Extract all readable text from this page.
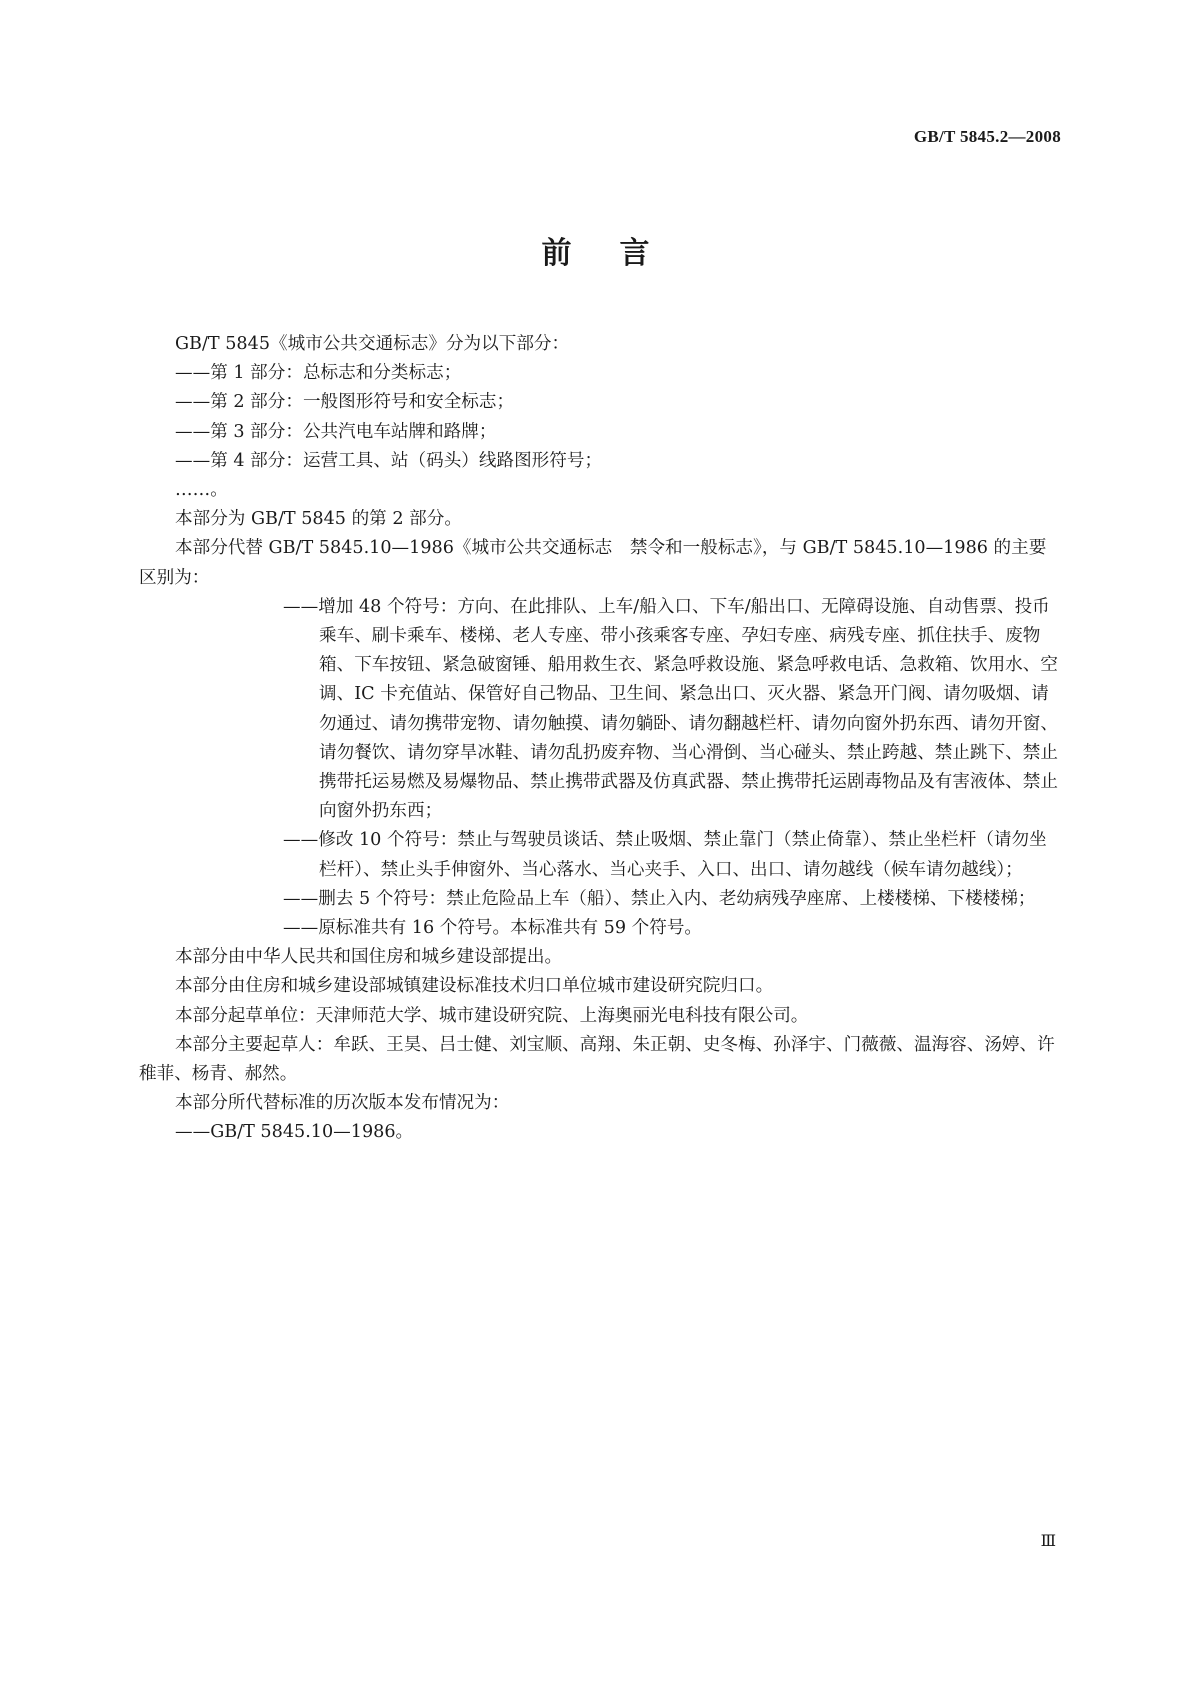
GB/T 5845.2—2008
前言

GB/T 5845《城市公共交通标志》分为以下部分：

——第 1 部分：总标志和分类标志；

——第 2 部分：一般图形符号和安全标志；

——第 3 部分：公共汽电车站牌和路牌；

——第 4 部分：运营工具、站（码头）线路图形符号；

……。

本部分为 GB/T 5845 的第 2 部分。

本部分代替 GB/T 5845.10—1986《城市公共交通标志　禁令和一般标志》，与 GB/T 5845.10—1986 的主要区别为：

——增加 48 个符号：方向、在此排队、上车/船入口、下车/船出口、无障碍设施、自动售票、投币乘车、刷卡乘车、楼梯、老人专座、带小孩乘客专座、孕妇专座、病残专座、抓住扶手、废物箱、下车按钮、紧急破窗锤、船用救生衣、紧急呼救设施、紧急呼救电话、急救箱、饮用水、空调、IC 卡充值站、保管好自己物品、卫生间、紧急出口、灭火器、紧急开门阀、请勿吸烟、请勿通过、请勿携带宠物、请勿触摸、请勿躺卧、请勿翻越栏杆、请勿向窗外扔东西、请勿开窗、请勿餐饮、请勿穿旱冰鞋、请勿乱扔废弃物、当心滑倒、当心碰头、禁止跨越、禁止跳下、禁止携带托运易燃及易爆物品、禁止携带武器及仿真武器、禁止携带托运剧毒物品及有害液体、禁止向窗外扔东西；

——修改 10 个符号：禁止与驾驶员谈话、禁止吸烟、禁止靠门（禁止倚靠）、禁止坐栏杆（请勿坐栏杆）、禁止头手伸窗外、当心落水、当心夹手、入口、出口、请勿越线（候车请勿越线）；

——删去 5 个符号：禁止危险品上车（船）、禁止入内、老幼病残孕座席、上楼楼梯、下楼楼梯；

——原标准共有 16 个符号。本标准共有 59 个符号。

本部分由中华人民共和国住房和城乡建设部提出。

本部分由住房和城乡建设部城镇建设标准技术归口单位城市建设研究院归口。

本部分起草单位：天津师范大学、城市建设研究院、上海奥丽光电科技有限公司。

本部分主要起草人：牟跃、王昊、吕士健、刘宝顺、高翔、朱正朝、史冬梅、孙泽宇、门薇薇、温海容、汤婷、许稚菲、杨青、郝然。

本部分所代替标准的历次版本发布情况为：

——GB/T 5845.10—1986。

Ⅲ
